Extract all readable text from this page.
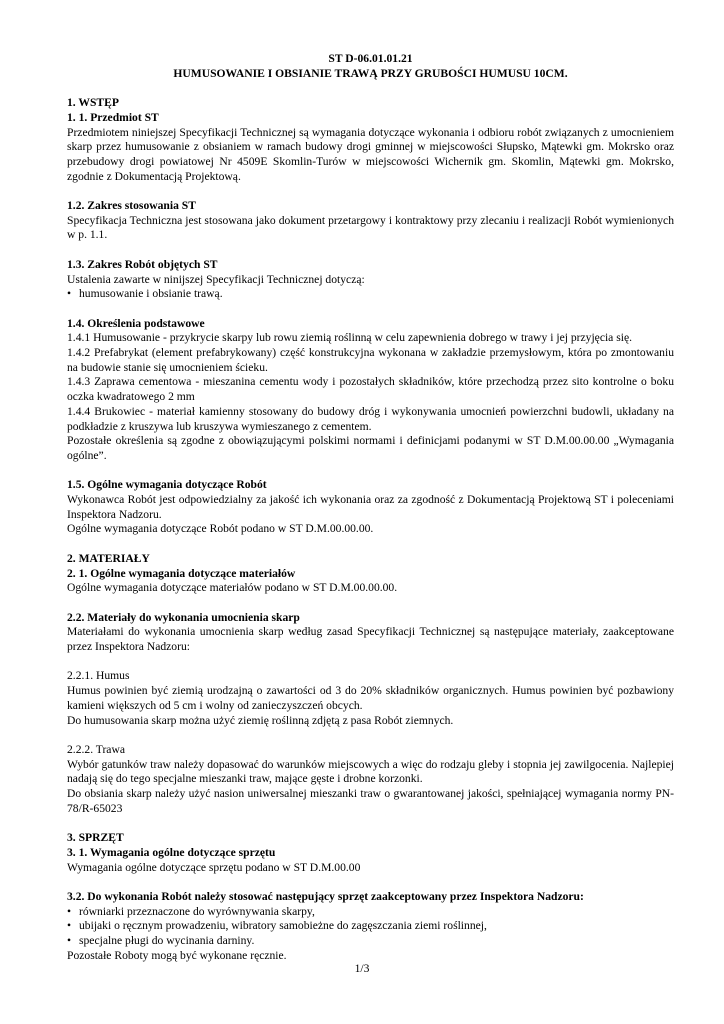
ST D-06.01.01.21
HUMUSOWANIE I OBSIANIE TRAWĄ PRZY GRUBOŚCI HUMUSU 10CM.
1. WSTĘP
1. 1. Przedmiot ST
Przedmiotem niniejszej Specyfikacji Technicznej są wymagania dotyczące wykonania i odbioru robót związanych z umocnieniem skarp przez humusowanie z obsianiem w ramach budowy drogi gminnej w miejscowości Słupsko, Mątewki gm. Mokrsko oraz przebudowy drogi powiatowej Nr 4509E Skomlin-Turów w miejscowości Wichernik gm. Skomlin, Mątewki gm. Mokrsko, zgodnie z Dokumentacją Projektową.
1.2. Zakres stosowania ST
Specyfikacja Techniczna jest stosowana jako dokument przetargowy i kontraktowy przy zlecaniu i realizacji Robót wymienionych w p. 1.1.
1.3. Zakres Robót objętych ST
Ustalenia zawarte w ninijszej Specyfikacji Technicznej dotyczą:
• humusowanie i obsianie trawą.
1.4. Określenia podstawowe
1.4.1 Humusowanie - przykrycie skarpy lub rowu ziemią roślinną w celu zapewnienia dobrego w trawy i jej przyjęcia się.
1.4.2 Prefabrykat (element prefabrykowany) część konstrukcyjna wykonana w zakładzie przemysłowym, która po zmontowaniu na budowie stanie się umocnieniem ścieku.
1.4.3 Zaprawa cementowa - mieszanina cementu wody i pozostałych składników, które przechodzą przez sito kontrolne o boku oczka kwadratowego 2 mm
1.4.4 Brukowiec - materiał kamienny stosowany do budowy dróg i wykonywania umocnień powierzchni budowli, układany na podkładzie z kruszywa lub kruszywa wymieszanego z cementem.
Pozostałe określenia są zgodne z obowiązującymi polskimi normami i definicjami podanymi w ST D.M.00.00.00 „Wymagania ogólne”.
1.5. Ogólne wymagania dotyczące Robót
Wykonawca Robót jest odpowiedzialny za jakość ich wykonania oraz za zgodność z Dokumentacją Projektową ST i poleceniami Inspektora Nadzoru.
Ogólne wymagania dotyczące Robót podano w ST D.M.00.00.00.
2. MATERIAŁY
2. 1. Ogólne wymagania dotyczące materiałów
Ogólne wymagania dotyczące materiałów podano w ST D.M.00.00.00.
2.2. Materiały do wykonania umocnienia skarp
Materiałami do wykonania umocnienia skarp według zasad Specyfikacji Technicznej są następujące materiały, zaakceptowane przez Inspektora Nadzoru:
2.2.1. Humus
Humus powinien być ziemią urodzajną o zawartości od 3 do 20% składników organicznych. Humus powinien być pozbawiony kamieni większych od 5 cm i wolny od zanieczyszczeń obcych.
Do humusowania skarp można użyć ziemię roślinną zdjętą z pasa Robót ziemnych.
2.2.2. Trawa
Wybór gatunków traw należy dopasować do warunków miejscowych a więc do rodzaju gleby i stopnia jej zawilgocenia. Najlepiej nadają się do tego specjalne mieszanki traw, mające gęste i drobne korzonki.
Do obsiania skarp należy użyć nasion uniwersalnej mieszanki traw o gwarantowanej jakości, spełniającej wymagania normy PN-78/R-65023
3. SPRZĘT
3. 1. Wymagania ogólne dotyczące sprzętu
Wymagania ogólne dotyczące sprzętu podano w ST D.M.00.00
3.2. Do wykonania Robót należy stosować następujący sprzęt zaakceptowany przez Inspektora Nadzoru:
• równiarki przeznaczone do wyrównywania skarpy,
• ubijaki o ręcznym prowadzeniu, wibratory samobieżne do zagęszczania ziemi roślinnej,
• specjalne pługi do wycinania darniny.
Pozostałe Roboty mogą być wykonane ręcznie.
1/3
